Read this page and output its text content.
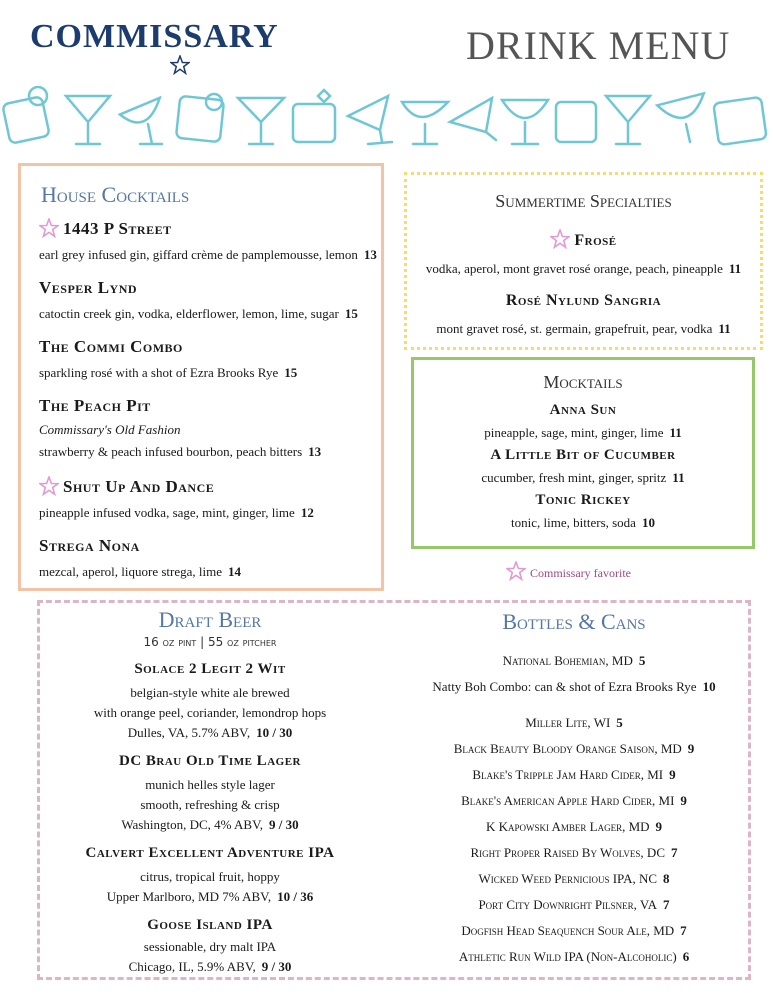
COMMISSARY	DRINK MENU
House Cocktails
1443 P Street
earl grey infused gin, giffard crème de pamplemousse, lemon 13
Vesper Lynd
catoctin creek gin, vodka, elderflower, lemon, lime, sugar 15
The Commi Combo
sparkling rosé with a shot of Ezra Brooks Rye 15
The Peach Pit
Commissary's Old Fashion
strawberry & peach infused bourbon, peach bitters 13
Shut Up And Dance
pineapple infused vodka, sage, mint, ginger, lime 12
Strega Nona
mezcal, aperol, liquore strega, lime 14
Summertime Specialties
Frosé
vodka, aperol, mont gravet rosé orange, peach, pineapple 11
Rosé Nylund Sangria
mont gravet rosé, st. germain, grapefruit, pear, vodka 11
Mocktails
Anna Sun
pineapple, sage, mint, ginger, lime 11
A Little Bit of Cucumber
cucumber, fresh mint, ginger, spritz 11
Tonic Rickey
tonic, lime, bitters, soda 10
Commissary favorite
Draft Beer
16 oz pint | 55 oz pitcher
Solace 2 Legit 2 Wit
belgian-style white ale brewed
with orange peel, coriander, lemondrop hops
Dulles, VA, 5.7% ABV, 10 / 30
DC Brau Old Time Lager
munich helles style lager
smooth, refreshing & crisp
Washington, DC, 4% ABV, 9 / 30
Calvert Excellent Adventure IPA
citrus, tropical fruit, hoppy
Upper Marlboro, MD 7% ABV, 10 / 36
Goose Island IPA
sessionable, dry malt IPA
Chicago, IL, 5.9% ABV, 9 / 30
Bottles & Cans
National Bohemian, MD 5
Natty Boh Combo: can & shot of Ezra Brooks Rye 10
Miller Lite, WI 5
Black Beauty Bloody Orange Saison, MD 9
Blake's Tripple Jam Hard Cider, MI 9
Blake's American Apple Hard Cider, MI 9
K Kapowski Amber Lager, MD 9
Right Proper Raised By Wolves, DC 7
Wicked Weed Pernicious IPA, NC 8
Port City Downright Pilsner, VA 7
Dogfish Head Seaquench Sour Ale, MD 7
Athletic Run Wild IPA (Non-Alcoholic) 6
